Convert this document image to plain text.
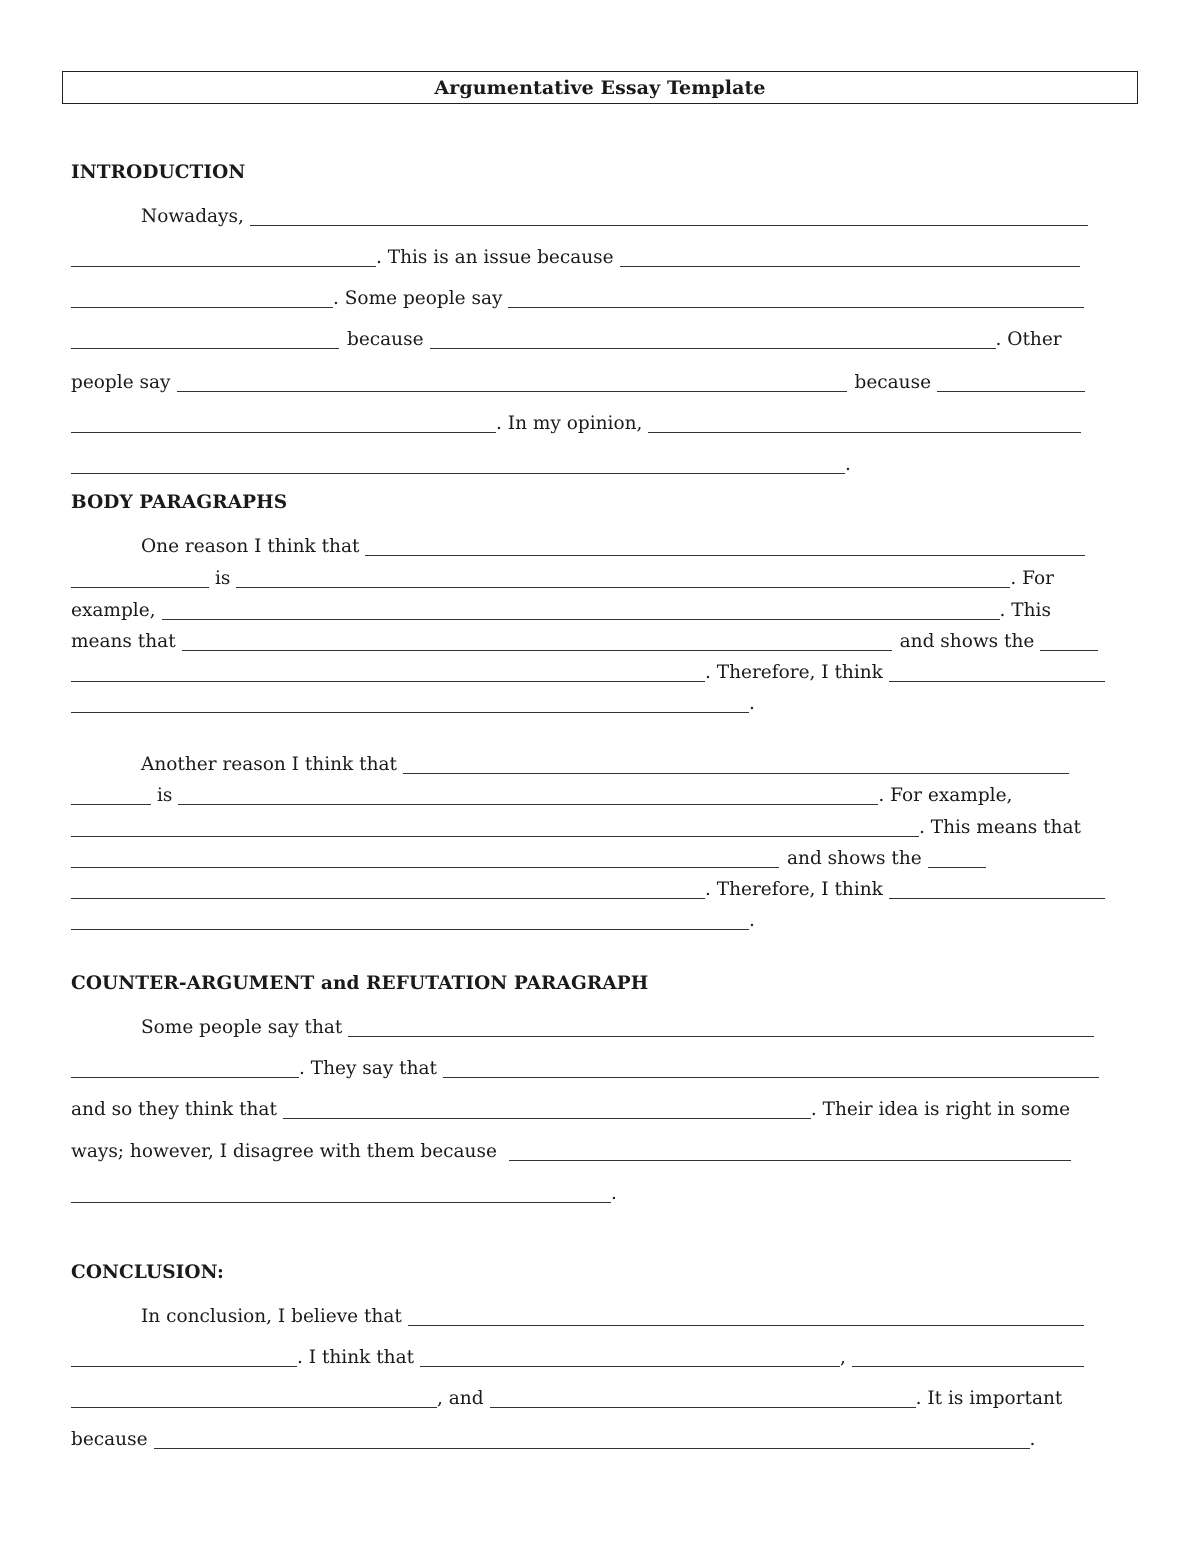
Argumentative Essay Template
INTRODUCTION
Nowadays,
. This is an issue because
. Some people say
because	. Other
people say	because
. In my opinion,
.
BODY PARAGRAPHS
One reason I think that
is	. For
example,	. This
means that	and shows the
. Therefore, I think
.
Another reason I think that
is	. For example,
. This means that
and shows the
. Therefore, I think
.
COUNTER-ARGUMENT and REFUTATION PARAGRAPH
Some people say that
. They say that
and so they think that	. Their idea is right in some
ways; however, I disagree with them because
.
CONCLUSION:
In conclusion, I believe that
. I think that	,
, and	. It is important
because	.
